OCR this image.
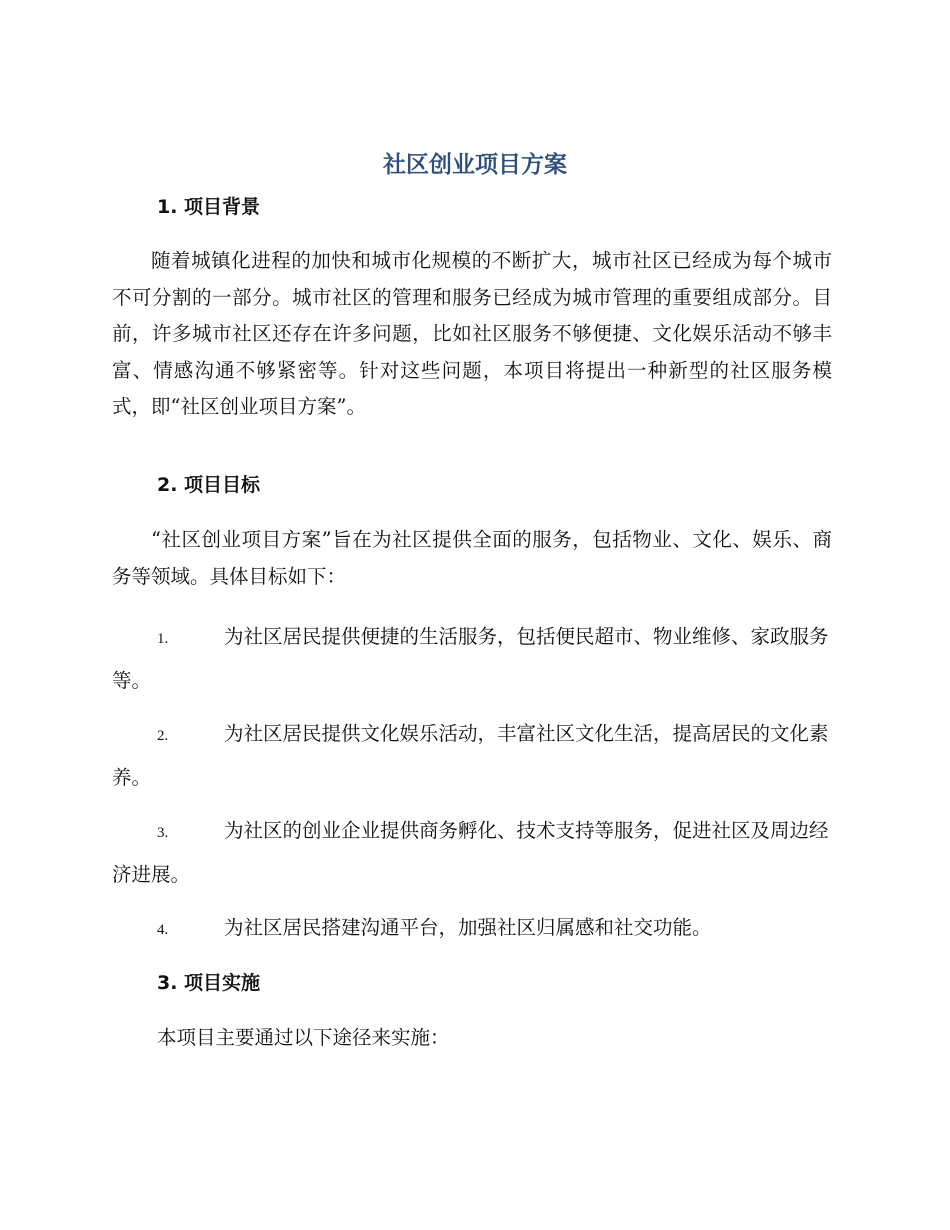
社区创业项目方案
1. 项目背景

随着城镇化进程的加快和城市化规模的不断扩大，城市社区已经成为每个城市不可分割的一部分。城市社区的管理和服务已经成为城市管理的重要组成部分。目前，许多城市社区还存在许多问题，比如社区服务不够便捷、文化娱乐活动不够丰富、情感沟通不够紧密等。针对这些问题，本项目将提出一种新型的社区服务模式，即“社区创业项目方案”。

2. 项目目标

“社区创业项目方案”旨在为社区提供全面的服务，包括物业、文化、娱乐、商务等领域。具体目标如下：

1.	为社区居民提供便捷的生活服务，包括便民超市、物业维修、家政服务等。
2.	为社区居民提供文化娱乐活动，丰富社区文化生活，提高居民的文化素养。
3.	为社区的创业企业提供商务孵化、技术支持等服务，促进社区及周边经济进展。
4.	为社区居民搭建沟通平台，加强社区归属感和社交功能。
3. 项目实施
本项目主要通过以下途径来实施：
